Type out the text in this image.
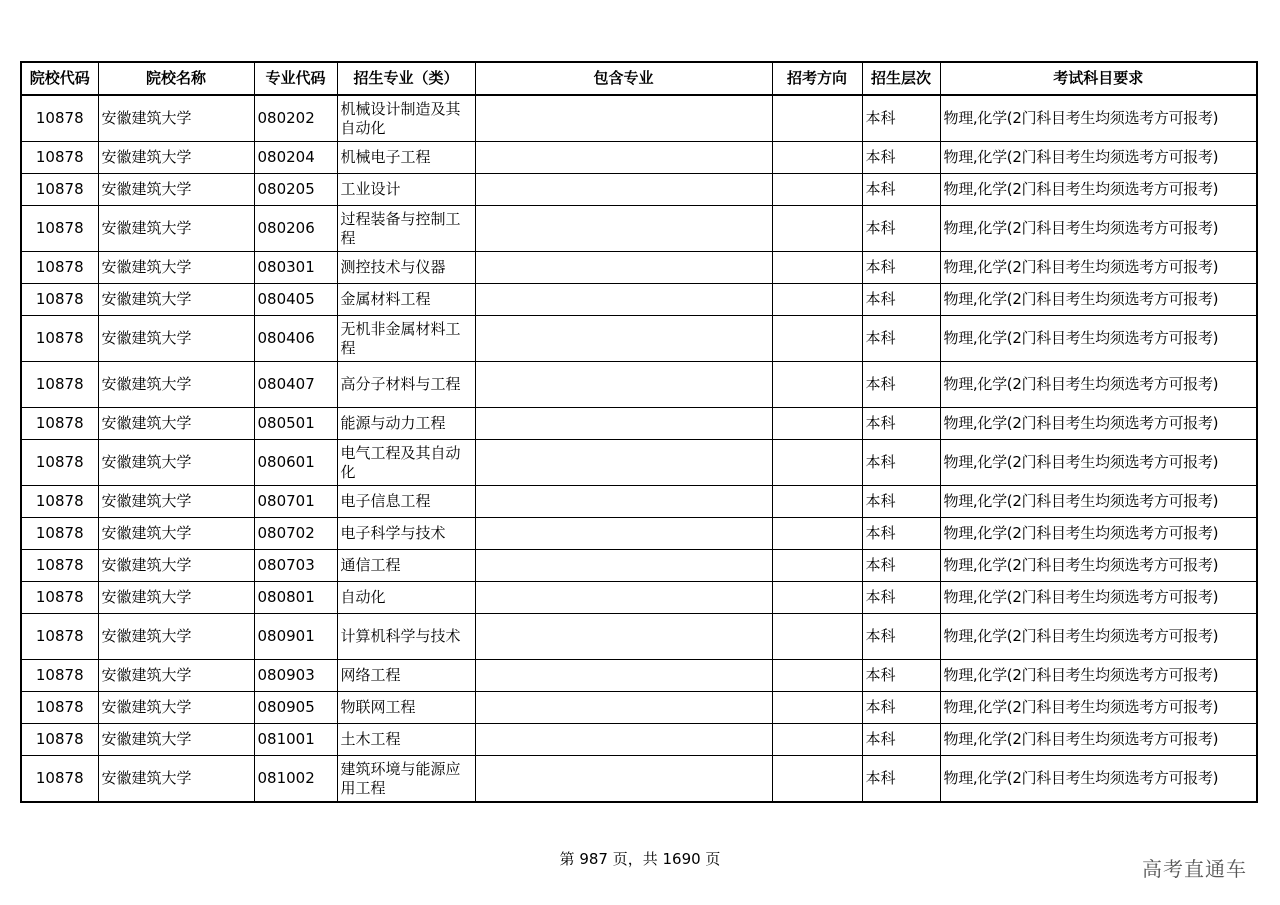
院校代码	院校名称	专业代码	招生专业（类）	包含专业	招考方向	招生层次	考试科目要求
10878	安徽建筑大学	080202	机械设计制造及其自动化			本科	物理,化学(2门科目考生均须选考方可报考)
10878	安徽建筑大学	080204	机械电子工程			本科	物理,化学(2门科目考生均须选考方可报考)
10878	安徽建筑大学	080205	工业设计			本科	物理,化学(2门科目考生均须选考方可报考)
10878	安徽建筑大学	080206	过程装备与控制工程			本科	物理,化学(2门科目考生均须选考方可报考)
10878	安徽建筑大学	080301	测控技术与仪器			本科	物理,化学(2门科目考生均须选考方可报考)
10878	安徽建筑大学	080405	金属材料工程			本科	物理,化学(2门科目考生均须选考方可报考)
10878	安徽建筑大学	080406	无机非金属材料工程			本科	物理,化学(2门科目考生均须选考方可报考)
10878	安徽建筑大学	080407	高分子材料与工程			本科	物理,化学(2门科目考生均须选考方可报考)
10878	安徽建筑大学	080501	能源与动力工程			本科	物理,化学(2门科目考生均须选考方可报考)
10878	安徽建筑大学	080601	电气工程及其自动化			本科	物理,化学(2门科目考生均须选考方可报考)
10878	安徽建筑大学	080701	电子信息工程			本科	物理,化学(2门科目考生均须选考方可报考)
10878	安徽建筑大学	080702	电子科学与技术			本科	物理,化学(2门科目考生均须选考方可报考)
10878	安徽建筑大学	080703	通信工程			本科	物理,化学(2门科目考生均须选考方可报考)
10878	安徽建筑大学	080801	自动化			本科	物理,化学(2门科目考生均须选考方可报考)
10878	安徽建筑大学	080901	计算机科学与技术			本科	物理,化学(2门科目考生均须选考方可报考)
10878	安徽建筑大学	080903	网络工程			本科	物理,化学(2门科目考生均须选考方可报考)
10878	安徽建筑大学	080905	物联网工程			本科	物理,化学(2门科目考生均须选考方可报考)
10878	安徽建筑大学	081001	土木工程			本科	物理,化学(2门科目考生均须选考方可报考)
10878	安徽建筑大学	081002	建筑环境与能源应用工程			本科	物理,化学(2门科目考生均须选考方可报考)
第 987 页，共 1690 页	高考直通车
